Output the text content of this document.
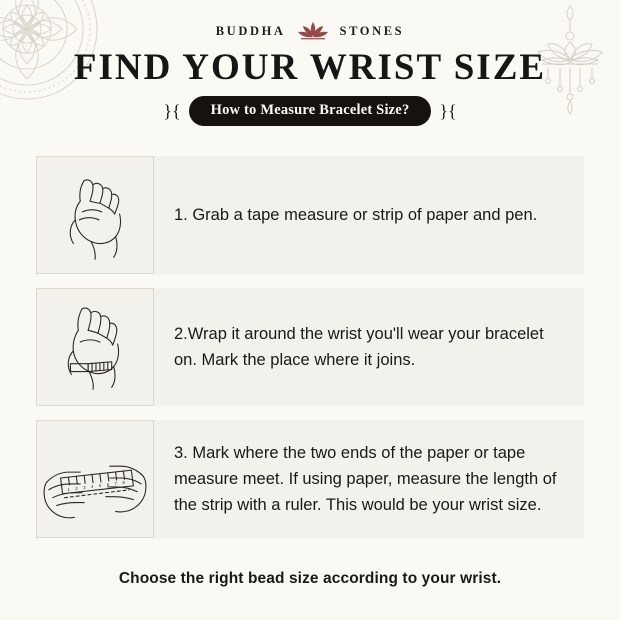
BUDDHA	STONES
FIND YOUR WRIST SIZE
}{	How to Measure Bracelet Size?	}{
1. Grab a tape measure or strip of paper and pen.
2.Wrap it around the wrist you'll wear your bracelet on. Mark the place where it joins.
1 2 3 4 5 6 7 8
3. Mark where the two ends of the paper or tape measure meet. If using paper, measure the length of the strip with a ruler. This would be your wrist size.
Choose the right bead size according to your wrist.
